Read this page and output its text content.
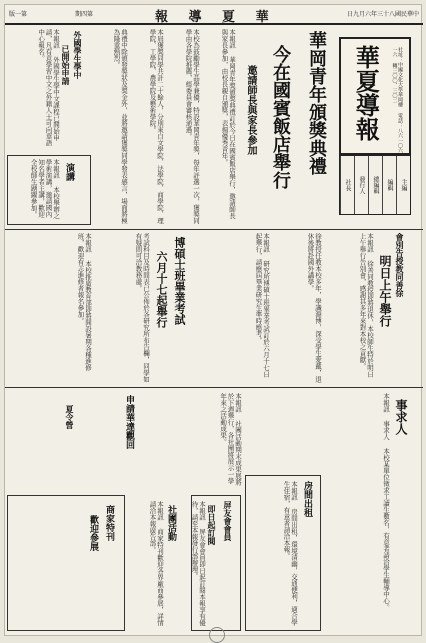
版一第	期四第	報 導 夏 華	日九月六年三十八國民華中
華夏導報	社址：中國文化大學華岡樓 電話：八六一〇六一六 轉三〇〇、三〇二
社長	發行人	總編輯	編輯	主編
華岡青年頒獎典禮
今在國賓飯店舉行
邀請師長與家長參加
本報訊 華岡青年獎頒獎典禮訂於今日在國賓飯店舉行，邀請師長與家長參加，由校長親自頒獎，表揚優秀青年。
本校為鼓勵學生品學兼優，特設華岡青年獎，每年評選一次，獲獎同學由各學院推薦，經委員會審核通過。
本屆獲獎同學共計二十餘人，分別來自文學院、法學院、商學院、理學院、工學院、農學院及藝術學院。
典禮中除頒發獎狀及獎金外，並將邀請獲獎同學發表感言，場面將極為隆重熱烈。
外國學生學中
已開始申請
本報訊 外國學生學中文課程已開始申請，凡有意學習中文之外籍人士可向華語中心報名。
演講
本報訊 本校舉辦之學術演講，邀請國內知名學者主講，歡迎全校師生踴躍參加。
會別告授教同善徐
明日上午舉行
本報訊 徐善同教授即將退休，本校師生特於明日上午舉行告別會，感謝其多年來對本校之貢獻。
徐教授任教本校多年，學識淵博，深受學生愛戴，退休後將赴國外講學。
博碩士班畢業考試
六月十七起舉行	本報訊 研究所博碩士班畢業考試訂於六月十七日起舉行，請應屆畢業研究生準時應考。
考試科目及時間表已公佈於各研究所布告欄，同學如有疑問可洽教務處。
本報訊 本校推廣教育部即將開設暑期各種進修班，歡迎有志進修者報名參加。
事求人
本報訊 事求人 本校某單位徵求工讀生數名，有意者請洽學生輔導中心。
房間出租
本報訊 房間出租，環境清幽，交通便利，適合學生住宿，有意者請洽本報。
本報訊 社團活動期末成果展將於下週舉行，各社團將展示一學年來之活動成果。
申請華達觀回
屏友會會員
即日起訂閱
本報訊 屏友會會員即日起訂閱本報享有優待，請至本報發行部辦理。
社團活動
本報訊 商家特刊歡迎各界廠商參展，詳情請洽本報廣告部。
商家特刊
歡迎參展
夏令營
